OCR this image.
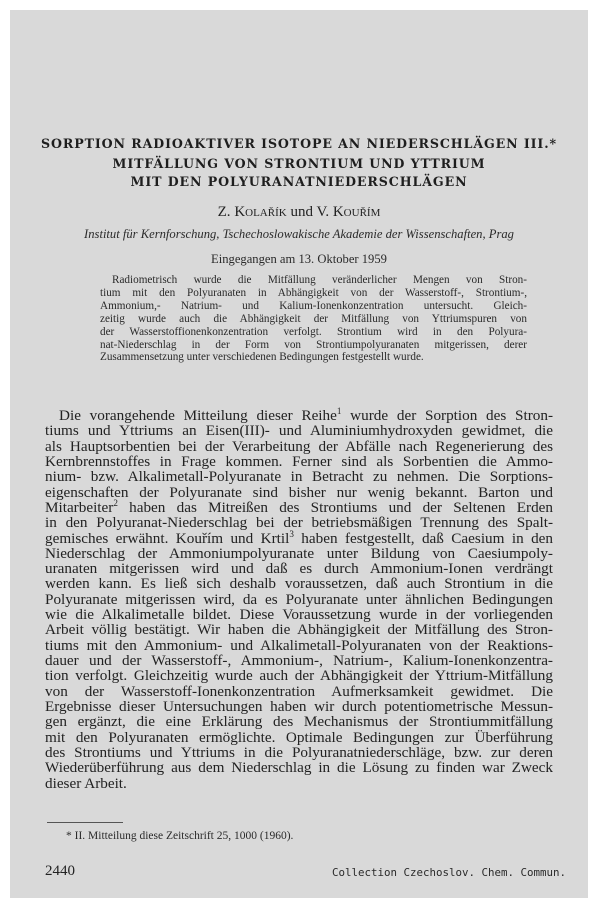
SORPTION RADIOAKTIVER ISOTOPE AN NIEDERSCHLÄGEN III.*
MITFÄLLUNG VON STRONTIUM UND YTTRIUM
MIT DEN POLYURANATNIEDERSCHLÄGEN
Z. Kolařík und V. Kouřím
Institut für Kernforschung, Tschechoslowakische Akademie der Wissenschaften, Prag
Eingegangen am 13. Oktober 1959
Radiometrisch wurde die Mitfällung veränderlicher Mengen von Stron-
tium mit den Polyuranaten in Abhängigkeit von der Wasserstoff-, Strontium-,
Ammonium,- Natrium- und Kalium-Ionenkonzentration untersucht. Gleich-
zeitig wurde auch die Abhängigkeit der Mitfällung von Yttriumspuren von
der Wasserstoffionenkonzentration verfolgt. Strontium wird in den Polyura-
nat-Niederschlag in der Form von Strontiumpolyuranaten mitgerissen, derer
Zusammensetzung unter verschiedenen Bedingungen festgestellt wurde.
Die vorangehende Mitteilung dieser Reihe$^1$ wurde der Sorption des Stron-
tiums und Yttriums an Eisen(III)- und Aluminiumhydroxyden gewidmet, die
als Hauptsorbentien bei der Verarbeitung der Abfälle nach Regenerierung des
Kernbrennstoffes in Frage kommen. Ferner sind als Sorbentien die Ammo-
nium- bzw. Alkalimetall-Polyuranate in Betracht zu nehmen. Die Sorptions-
eigenschaften der Polyuranate sind bisher nur wenig bekannt. Barton und
Mitarbeiter$^2$ haben das Mitreißen des Strontiums und der Seltenen Erden
in den Polyuranat-Niederschlag bei der betriebsmäßigen Trennung des Spalt-
gemisches erwähnt. Kouřím und Krtil$^3$ haben festgestellt, daß Caesium in den
Niederschlag der Ammoniumpolyuranate unter Bildung von Caesiumpoly-
uranaten mitgerissen wird und daß es durch Ammonium-Ionen verdrängt
werden kann. Es ließ sich deshalb voraussetzen, daß auch Strontium in die
Polyuranate mitgerissen wird, da es Polyuranate unter ähnlichen Bedingungen
wie die Alkalimetalle bildet. Diese Voraussetzung wurde in der vorliegenden
Arbeit völlig bestätigt. Wir haben die Abhängigkeit der Mitfällung des Stron-
tiums mit den Ammonium- und Alkalimetall-Polyuranaten von der Reaktions-
dauer und der Wasserstoff-, Ammonium-, Natrium-, Kalium-Ionenkonzentra-
tion verfolgt. Gleichzeitig wurde auch der Abhängigkeit der Yttrium-Mitfällung
von der Wasserstoff-Ionenkonzentration Aufmerksamkeit gewidmet. Die
Ergebnisse dieser Untersuchungen haben wir durch potentiometrische Messun-
gen ergänzt, die eine Erklärung des Mechanismus der Strontiummitfällung
mit den Polyuranaten ermöglichte. Optimale Bedingungen zur Überführung
des Strontiums und Yttriums in die Polyuranatniederschläge, bzw. zur deren
Wiederüberführung aus dem Niederschlag in die Lösung zu finden war Zweck
dieser Arbeit.
* II. Mitteilung diese Zeitschrift 25, 1000 (1960).
2440	Collection Czechoslov. Chem. Commun.
